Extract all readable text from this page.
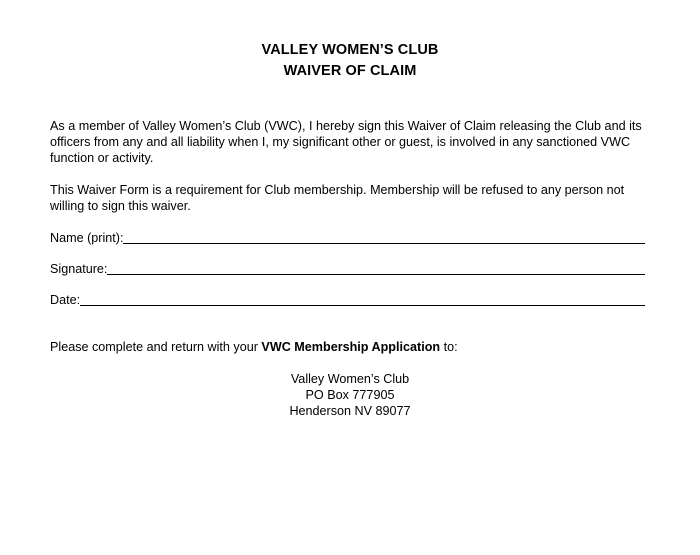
VALLEY WOMEN’S CLUB
WAIVER OF CLAIM
As a member of Valley Women’s Club (VWC), I hereby sign this Waiver of Claim releasing the Club and its officers from any and all liability when I, my significant other or guest, is involved in any sanctioned VWC function or activity.
This Waiver Form is a requirement for Club membership. Membership will be refused to any person not willing to sign this waiver.
Name (print):
Signature:
Date:
Please complete and return with your VWC Membership Application to:
Valley Women’s Club
PO Box 777905
Henderson NV 89077
